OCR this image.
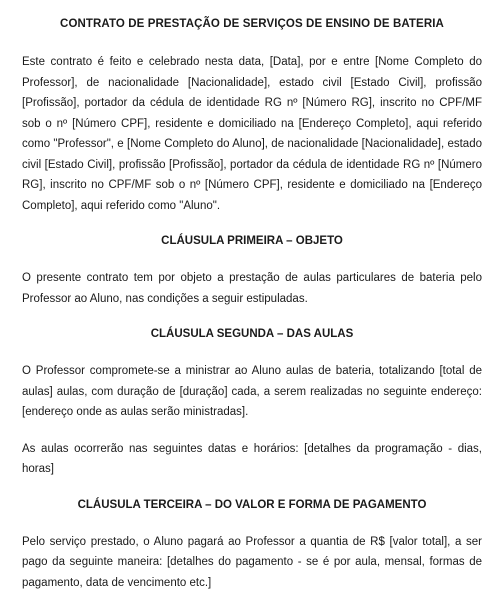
CONTRATO DE PRESTAÇÃO DE SERVIÇOS DE ENSINO DE BATERIA

Este contrato é feito e celebrado nesta data, [Data], por e entre [Nome Completo do Professor], de nacionalidade [Nacionalidade], estado civil [Estado Civil], profissão [Profissão], portador da cédula de identidade RG nº [Número RG], inscrito no CPF/MF sob o nº [Número CPF], residente e domiciliado na [Endereço Completo], aqui referido como "Professor", e [Nome Completo do Aluno], de nacionalidade [Nacionalidade], estado civil [Estado Civil], profissão [Profissão], portador da cédula de identidade RG nº [Número RG], inscrito no CPF/MF sob o nº [Número CPF], residente e domiciliado na [Endereço Completo], aqui referido como "Aluno".

CLÁUSULA PRIMEIRA – OBJETO

O presente contrato tem por objeto a prestação de aulas particulares de bateria pelo Professor ao Aluno, nas condições a seguir estipuladas.

CLÁUSULA SEGUNDA – DAS AULAS

O Professor compromete-se a ministrar ao Aluno aulas de bateria, totalizando [total de aulas] aulas, com duração de [duração] cada, a serem realizadas no seguinte endereço: [endereço onde as aulas serão ministradas].

As aulas ocorrerão nas seguintes datas e horários: [detalhes da programação - dias, horas]

CLÁUSULA TERCEIRA – DO VALOR E FORMA DE PAGAMENTO

Pelo serviço prestado, o Aluno pagará ao Professor a quantia de R$ [valor total], a ser pago da seguinte maneira: [detalhes do pagamento - se é por aula, mensal, formas de pagamento, data de vencimento etc.]
